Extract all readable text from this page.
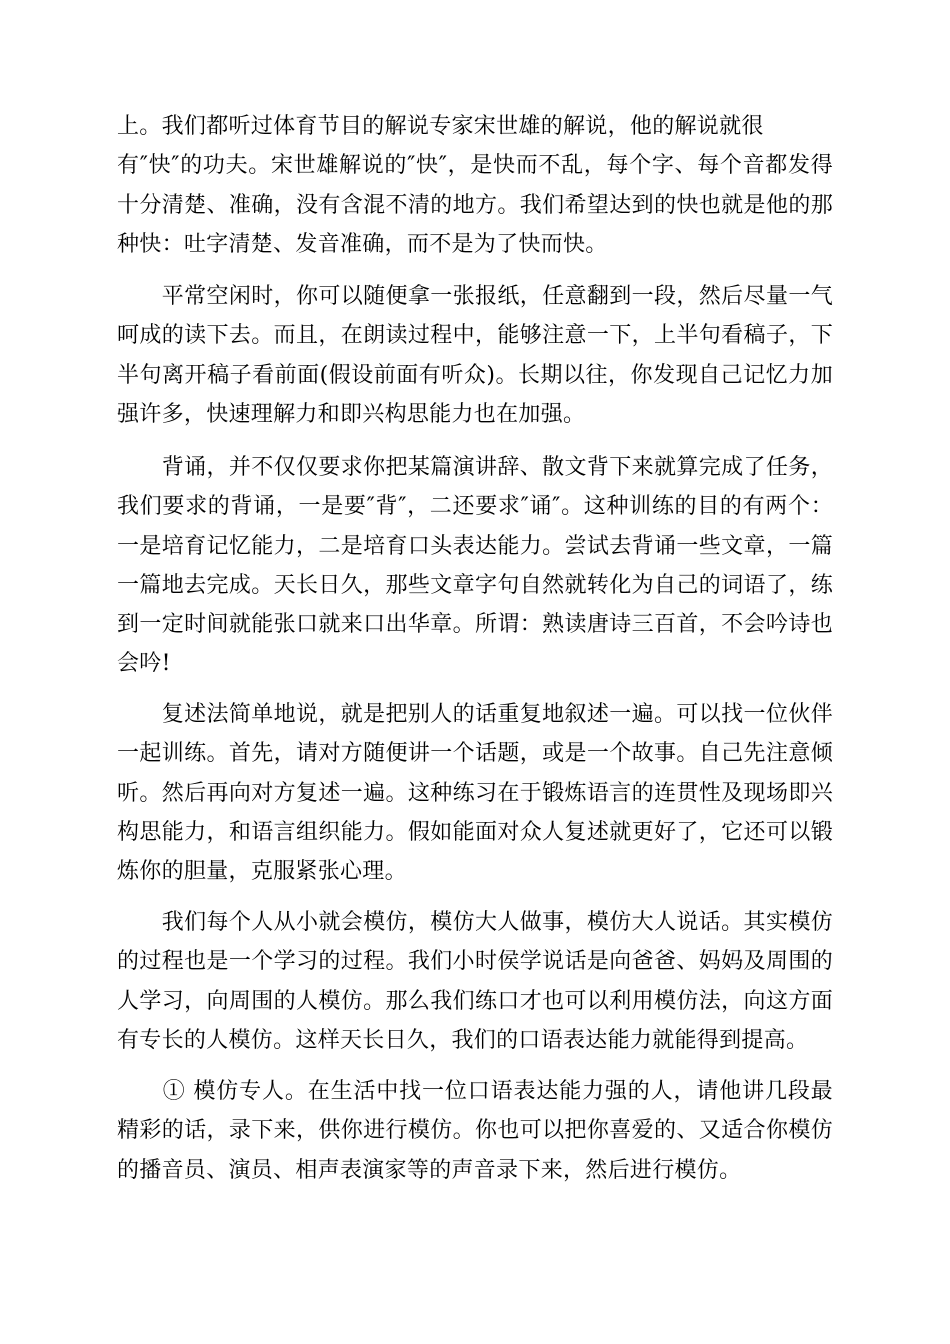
上。我们都听过体育节目的解说专家宋世雄的解说，他的解说就很
有″快″的功夫。宋世雄解说的″快″，是快而不乱，每个字、每个音都发得十分清楚、准确，没有含混不清的地方。我们希望达到的快也就是他的那种快：吐字清楚、发音准确，而不是为了快而快。

　　平常空闲时，你可以随便拿一张报纸，任意翻到一段，然后尽量一气呵成的读下去。而且，在朗读过程中，能够注意一下，上半句看稿子，下半句离开稿子看前面(假设前面有听众)。长期以往，你发现自己记忆力加强许多，快速理解力和即兴构思能力也在加强。

　　背诵，并不仅仅要求你把某篇演讲辞、散文背下来就算完成了任务，我们要求的背诵，一是要″背″，二还要求″诵″。这种训练的目的有两个：一是培育记忆能力，二是培育口头表达能力。尝试去背诵一些文章，一篇一篇地去完成。天长日久，那些文章字句自然就转化为自己的词语了，练到一定时间就能张口就来口出华章。所谓：熟读唐诗三百首，不会吟诗也会吟!

　　复述法简单地说，就是把别人的话重复地叙述一遍。可以找一位伙伴一起训练。首先，请对方随便讲一个话题，或是一个故事。自己先注意倾听。然后再向对方复述一遍。这种练习在于锻炼语言的连贯性及现场即兴构思能力，和语言组织能力。假如能面对众人复述就更好了，它还可以锻炼你的胆量，克服紧张心理。

　　我们每个人从小就会模仿，模仿大人做事，模仿大人说话。其实模仿的过程也是一个学习的过程。我们小时侯学说话是向爸爸、妈妈及周围的人学习，向周围的人模仿。那么我们练口才也可以利用模仿法，向这方面有专长的人模仿。这样天长日久，我们的口语表达能力就能得到提高。

　　① 模仿专人。在生活中找一位口语表达能力强的人，请他讲几段最精彩的话，录下来，供你进行模仿。你也可以把你喜爱的、又适合你模仿的播音员、演员、相声表演家等的声音录下来，然后进行模仿。
